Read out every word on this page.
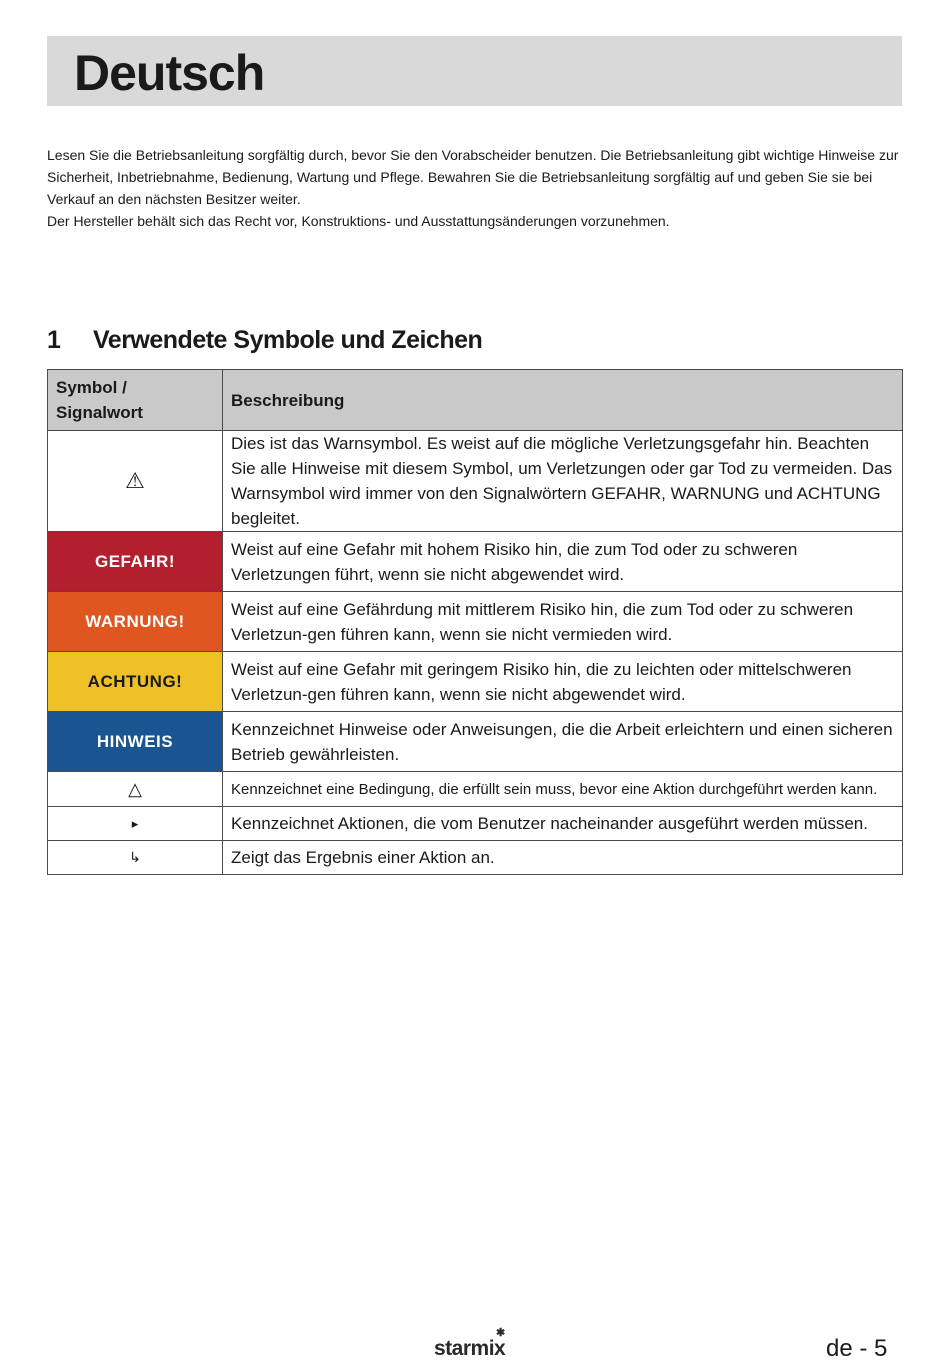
Deutsch

Lesen Sie die Betriebsanleitung sorgfältig durch, bevor Sie den Vorabscheider benutzen. Die Betriebsanleitung gibt wichtige Hinweise zur Sicherheit, Inbetriebnahme, Bedienung, Wartung und Pflege. Bewahren Sie die Betriebsanleitung sorgfältig auf und geben Sie sie bei Verkauf an den nächsten Besitzer weiter.

Der Hersteller behält sich das Recht vor, Konstruktions- und Ausstattungsänderungen vorzunehmen.

1 Verwendete Symbole und Zeichen
Symbol / Signalwort	Beschreibung
⚠	Dies ist das Warnsymbol. Es weist auf die mögliche Verletzungsgefahr hin. Beachten Sie alle Hinweise mit diesem Symbol, um Verletzungen oder gar Tod zu vermeiden. Das Warnsymbol wird immer von den Signalwörtern GEFAHR, WARNUNG und ACHTUNG begleitet.
GEFAHR!	Weist auf eine Gefahr mit hohem Risiko hin, die zum Tod oder zu schweren Verletzungen führt, wenn sie nicht abgewendet wird.
WARNUNG!	Weist auf eine Gefährdung mit mittlerem Risiko hin, die zum Tod oder zu schweren Verletzun-gen führen kann, wenn sie nicht vermieden wird.
ACHTUNG!	Weist auf eine Gefahr mit geringem Risiko hin, die zu leichten oder mittelschweren Verletzun-gen führen kann, wenn sie nicht abgewendet wird.
HINWEIS	Kennzeichnet Hinweise oder Anweisungen, die die Arbeit erleichtern und einen sicheren Betrieb gewährleisten.
△	Kennzeichnet eine Bedingung, die erfüllt sein muss, bevor eine Aktion durchgeführt werden kann.
▸	Kennzeichnet Aktionen, die vom Benutzer nacheinander ausgeführt werden müssen.
↳	Zeigt das Ergebnis einer Aktion an.
starmix
✱
de - 5
